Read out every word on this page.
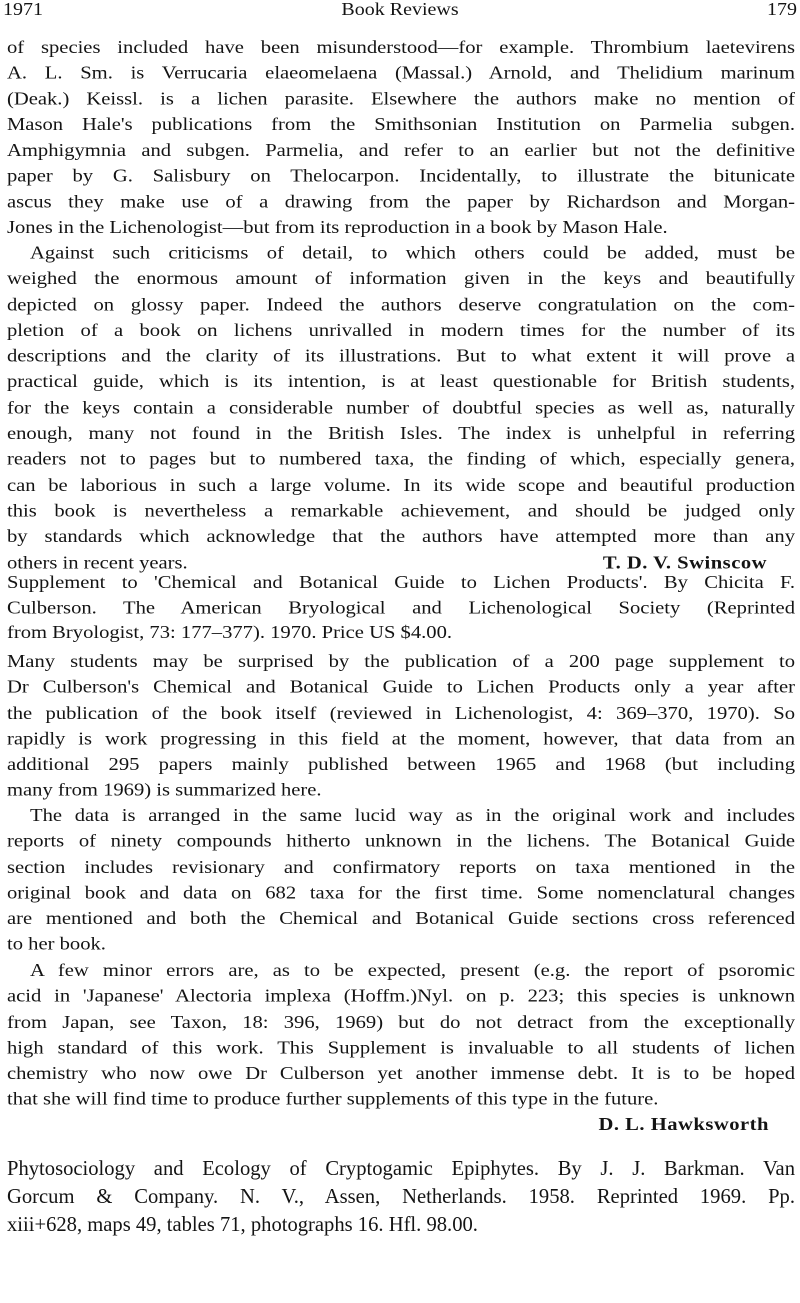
1971	Book Reviews	179
of species included have been misunderstood—for example. Thrombium laetevirens
A. L. Sm. is Verrucaria elaeomelaena (Massal.) Arnold, and Thelidium marinum
(Deak.) Keissl. is a lichen parasite. Elsewhere the authors make no mention of
Mason Hale's publications from the Smithsonian Institution on Parmelia subgen.
Amphigymnia and subgen. Parmelia, and refer to an earlier but not the definitive
paper by G. Salisbury on Thelocarpon. Incidentally, to illustrate the bitunicate
ascus they make use of a drawing from the paper by Richardson and Morgan-
Jones in the Lichenologist—but from its reproduction in a book by Mason Hale.
Against such criticisms of detail, to which others could be added, must be
weighed the enormous amount of information given in the keys and beautifully
depicted on glossy paper. Indeed the authors deserve congratulation on the com-
pletion of a book on lichens unrivalled in modern times for the number of its
descriptions and the clarity of its illustrations. But to what extent it will prove a
practical guide, which is its intention, is at least questionable for British students,
for the keys contain a considerable number of doubtful species as well as, naturally
enough, many not found in the British Isles. The index is unhelpful in referring
readers not to pages but to numbered taxa, the finding of which, especially genera,
can be laborious in such a large volume. In its wide scope and beautiful production
this book is nevertheless a remarkable achievement, and should be judged only
by standards which acknowledge that the authors have attempted more than any
others in recent years.	T. D. V. Swinscow
Supplement to 'Chemical and Botanical Guide to Lichen Products'. By Chicita F.
Culberson. The American Bryological and Lichenological Society (Reprinted
from Bryologist, 73: 177–377). 1970. Price US $4.00.
Many students may be surprised by the publication of a 200 page supplement to
Dr Culberson's Chemical and Botanical Guide to Lichen Products only a year after
the publication of the book itself (reviewed in Lichenologist, 4: 369–370, 1970). So
rapidly is work progressing in this field at the moment, however, that data from an
additional 295 papers mainly published between 1965 and 1968 (but including
many from 1969) is summarized here.
The data is arranged in the same lucid way as in the original work and includes
reports of ninety compounds hitherto unknown in the lichens. The Botanical Guide
section includes revisionary and confirmatory reports on taxa mentioned in the
original book and data on 682 taxa for the first time. Some nomenclatural changes
are mentioned and both the Chemical and Botanical Guide sections cross referenced
to her book.
A few minor errors are, as to be expected, present (e.g. the report of psoromic
acid in 'Japanese' Alectoria implexa (Hoffm.)Nyl. on p. 223; this species is unknown
from Japan, see Taxon, 18: 396, 1969) but do not detract from the exceptionally
high standard of this work. This Supplement is invaluable to all students of lichen
chemistry who now owe Dr Culberson yet another immense debt. It is to be hoped
that she will find time to produce further supplements of this type in the future.
D. L. Hawksworth
Phytosociology and Ecology of Cryptogamic Epiphytes. By J. J. Barkman. Van
Gorcum & Company. N. V., Assen, Netherlands. 1958. Reprinted 1969. Pp.
xiii+628, maps 49, tables 71, photographs 16. Hfl. 98.00.
